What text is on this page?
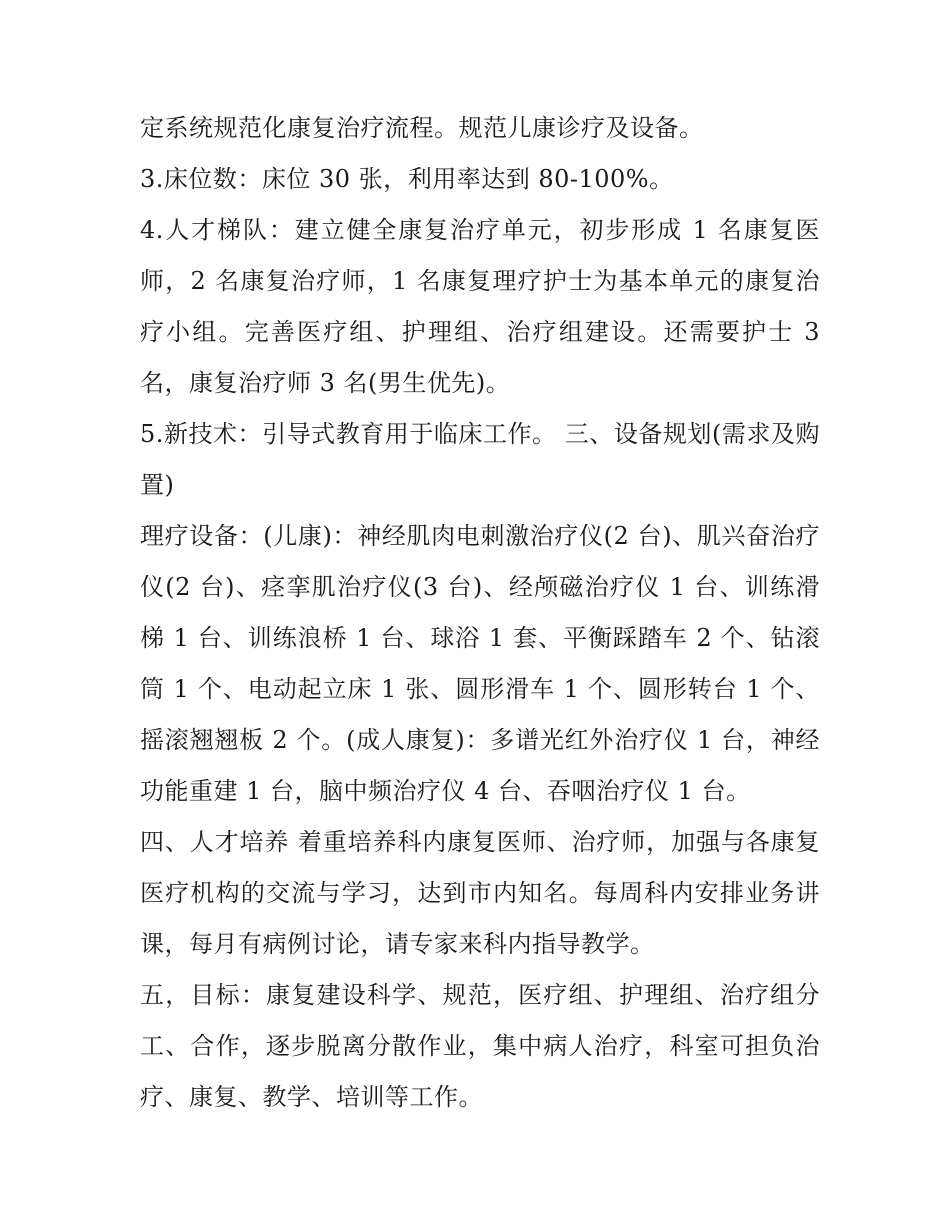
定系统规范化康复治疗流程。规范儿康诊疗及设备。

3.床位数：床位 30 张，利用率达到 80-100%。

4.人才梯队：建立健全康复治疗单元，初步形成 1 名康复医师，2 名康复治疗师，1 名康复理疗护士为基本单元的康复治疗小组。完善医疗组、护理组、治疗组建设。还需要护士 3 名，康复治疗师 3 名(男生优先)。

5.新技术：引导式教育用于临床工作。 三、设备规划(需求及购置)

理疗设备：(儿康)：神经肌肉电刺激治疗仪(2 台)、肌兴奋治疗仪(2 台)、痉挛肌治疗仪(3 台)、经颅磁治疗仪 1 台、训练滑梯 1 台、训练浪桥 1 台、球浴 1 套、平衡踩踏车 2 个、钻滚筒 1 个、电动起立床 1 张、圆形滑车 1 个、圆形转台 1 个、摇滚翘翘板 2 个。(成人康复)：多谱光红外治疗仪 1 台，神经功能重建 1 台，脑中频治疗仪 4 台、吞咽治疗仪 1 台。

四、人才培养 着重培养科内康复医师、治疗师，加强与各康复医疗机构的交流与学习，达到市内知名。每周科内安排业务讲课，每月有病例讨论，请专家来科内指导教学。

五，目标：康复建设科学、规范，医疗组、护理组、治疗组分工、合作，逐步脱离分散作业，集中病人治疗，科室可担负治疗、康复、教学、培训等工作。
